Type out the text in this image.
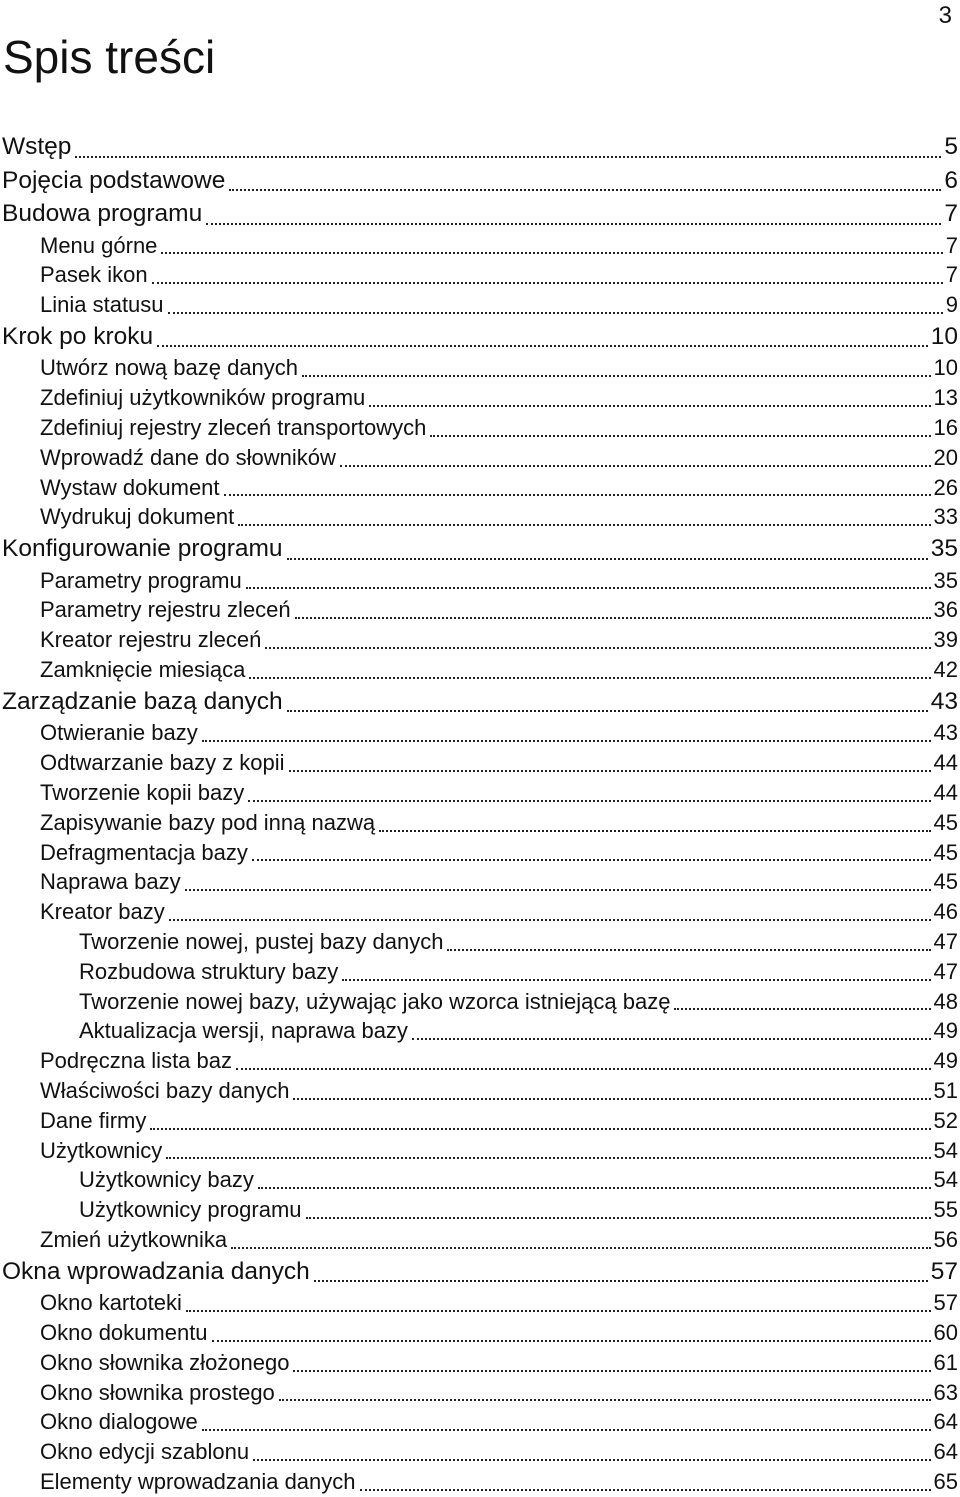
3
Spis treści
Wstęp	5
Pojęcia podstawowe	6
Budowa programu	7
Menu górne	7
Pasek ikon	7
Linia statusu	9
Krok po kroku	10
Utwórz nową bazę danych	10
Zdefiniuj użytkowników programu	13
Zdefiniuj rejestry zleceń transportowych	16
Wprowadź dane do słowników	20
Wystaw dokument	26
Wydrukuj dokument	33
Konfigurowanie programu	35
Parametry programu	35
Parametry rejestru zleceń	36
Kreator rejestru zleceń	39
Zamknięcie miesiąca	42
Zarządzanie bazą danych	43
Otwieranie bazy	43
Odtwarzanie bazy z kopii	44
Tworzenie kopii bazy	44
Zapisywanie bazy pod inną nazwą	45
Defragmentacja bazy	45
Naprawa bazy	45
Kreator bazy	46
Tworzenie nowej, pustej bazy danych	47
Rozbudowa struktury bazy	47
Tworzenie nowej bazy, używając jako wzorca istniejącą bazę	48
Aktualizacja wersji, naprawa bazy	49
Podręczna lista baz	49
Właściwości bazy danych	51
Dane firmy	52
Użytkownicy	54
Użytkownicy bazy	54
Użytkownicy programu	55
Zmień użytkownika	56
Okna wprowadzania danych	57
Okno kartoteki	57
Okno dokumentu	60
Okno słownika złożonego	61
Okno słownika prostego	63
Okno dialogowe	64
Okno edycji szablonu	64
Elementy wprowadzania danych	65
